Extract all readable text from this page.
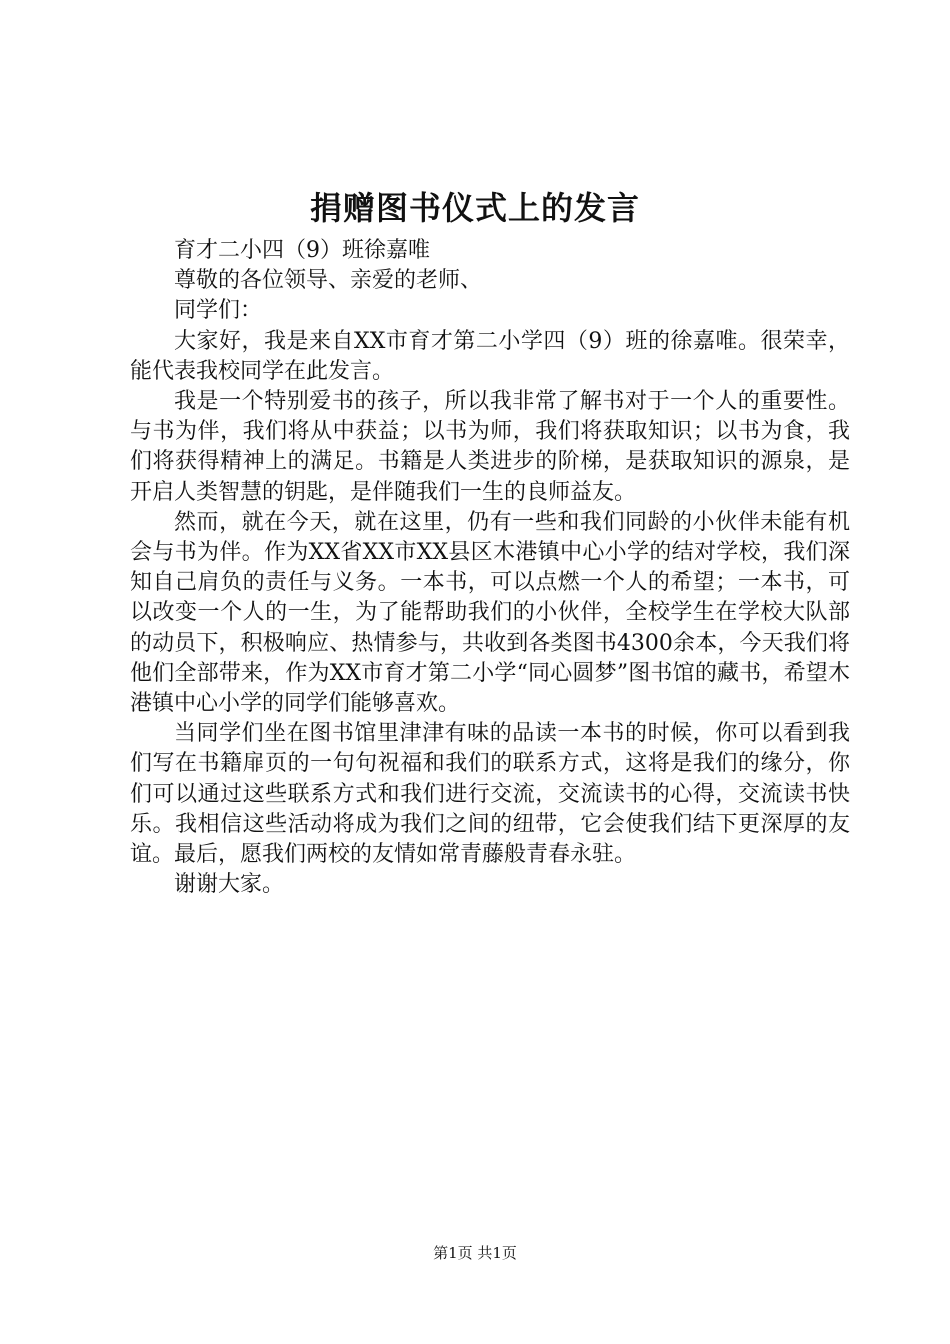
捐赠图书仪式上的发言

育才二小四（9）班徐嘉唯

尊敬的各位领导、亲爱的老师、

同学们：

大家好，我是来自XX市育才第二小学四（9）班的徐嘉唯。很荣幸，能代表我校同学在此发言。

我是一个特别爱书的孩子，所以我非常了解书对于一个人的重要性。与书为伴，我们将从中获益；以书为师，我们将获取知识；以书为食，我们将获得精神上的满足。书籍是人类进步的阶梯，是获取知识的源泉，是开启人类智慧的钥匙，是伴随我们一生的良师益友。

然而，就在今天，就在这里，仍有一些和我们同龄的小伙伴未能有机会与书为伴。作为XX省XX市XX县区木港镇中心小学的结对学校，我们深知自己肩负的责任与义务。一本书，可以点燃一个人的希望；一本书，可以改变一个人的一生，为了能帮助我们的小伙伴，全校学生在学校大队部的动员下，积极响应、热情参与，共收到各类图书4300余本，今天我们将他们全部带来，作为XX市育才第二小学“同心圆梦”图书馆的藏书，希望木港镇中心小学的同学们能够喜欢。

当同学们坐在图书馆里津津有味的品读一本书的时候，你可以看到我们写在书籍扉页的一句句祝福和我们的联系方式，这将是我们的缘分，你们可以通过这些联系方式和我们进行交流，交流读书的心得，交流读书快乐。我相信这些活动将成为我们之间的纽带，它会使我们结下更深厚的友谊。最后，愿我们两校的友情如常青藤般青春永驻。

谢谢大家。

第1页 共1页
